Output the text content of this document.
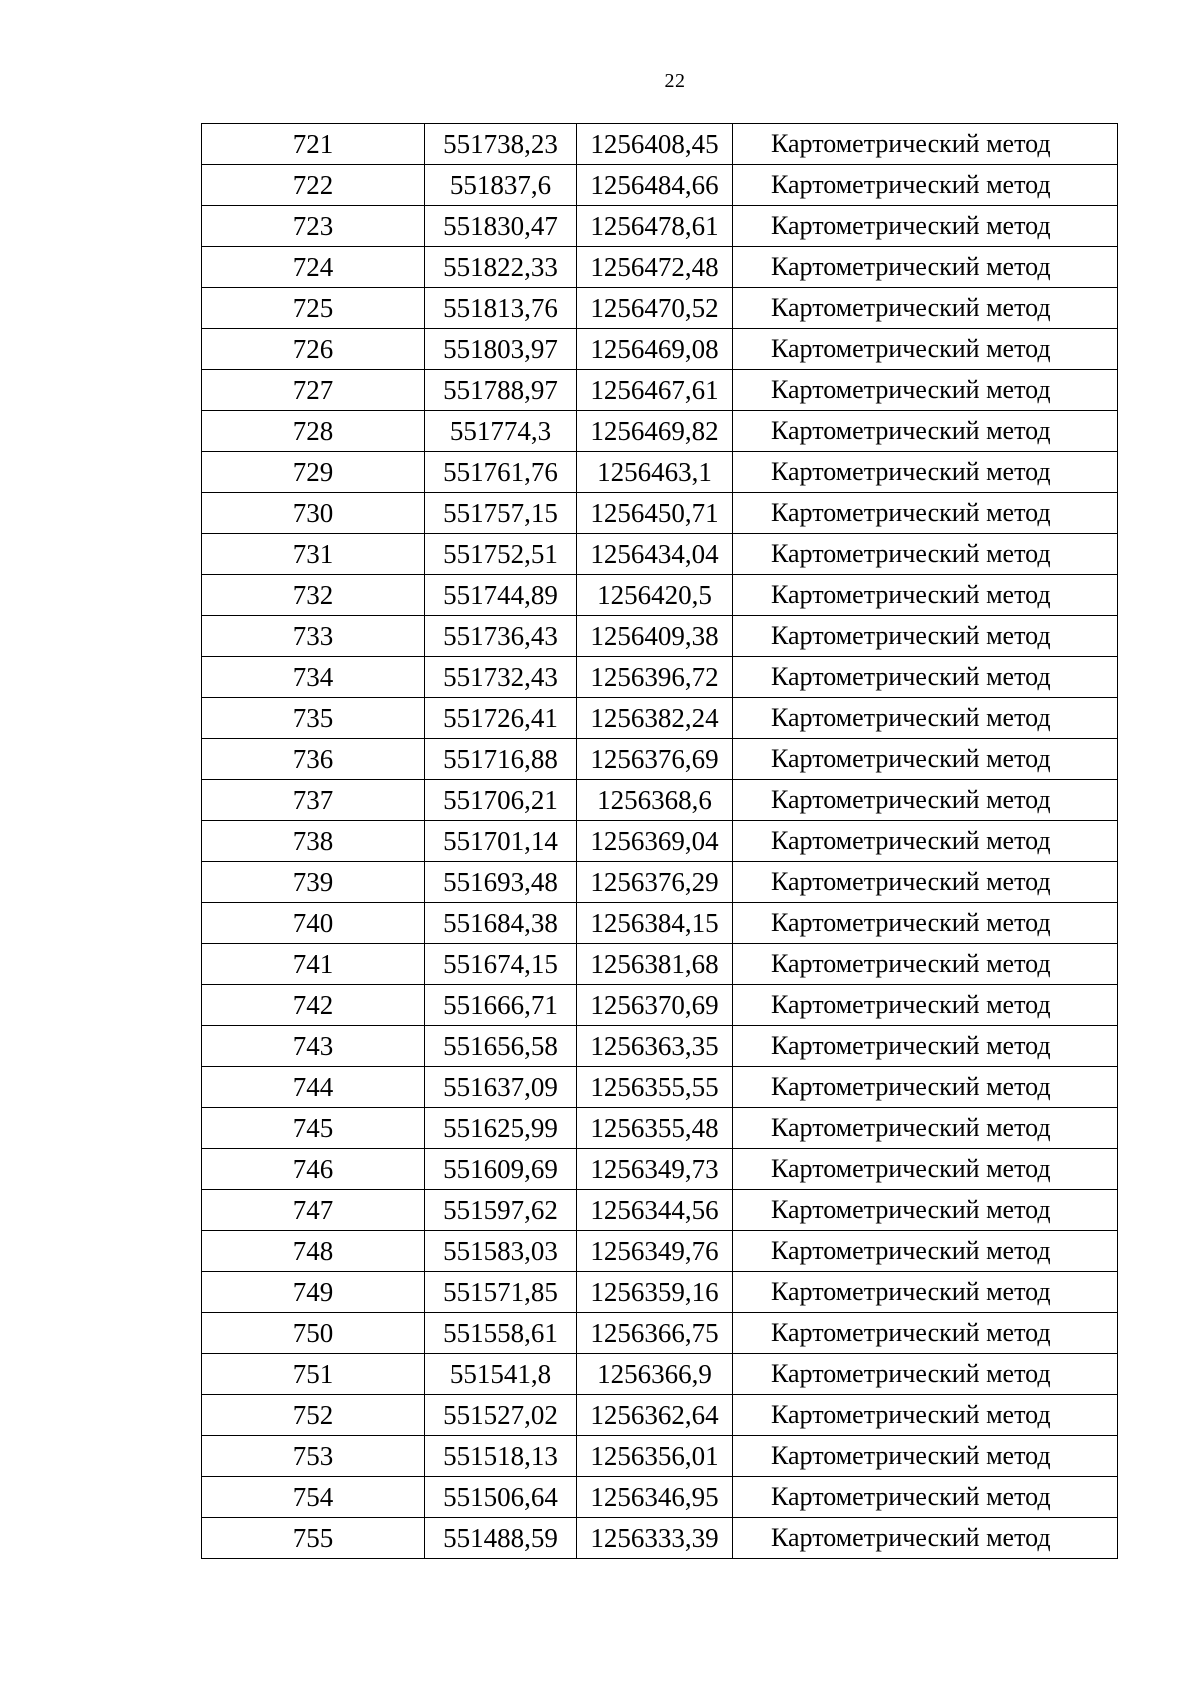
22
721	551738,23	1256408,45	Картометрический метод
722	551837,6	1256484,66	Картометрический метод
723	551830,47	1256478,61	Картометрический метод
724	551822,33	1256472,48	Картометрический метод
725	551813,76	1256470,52	Картометрический метод
726	551803,97	1256469,08	Картометрический метод
727	551788,97	1256467,61	Картометрический метод
728	551774,3	1256469,82	Картометрический метод
729	551761,76	1256463,1	Картометрический метод
730	551757,15	1256450,71	Картометрический метод
731	551752,51	1256434,04	Картометрический метод
732	551744,89	1256420,5	Картометрический метод
733	551736,43	1256409,38	Картометрический метод
734	551732,43	1256396,72	Картометрический метод
735	551726,41	1256382,24	Картометрический метод
736	551716,88	1256376,69	Картометрический метод
737	551706,21	1256368,6	Картометрический метод
738	551701,14	1256369,04	Картометрический метод
739	551693,48	1256376,29	Картометрический метод
740	551684,38	1256384,15	Картометрический метод
741	551674,15	1256381,68	Картометрический метод
742	551666,71	1256370,69	Картометрический метод
743	551656,58	1256363,35	Картометрический метод
744	551637,09	1256355,55	Картометрический метод
745	551625,99	1256355,48	Картометрический метод
746	551609,69	1256349,73	Картометрический метод
747	551597,62	1256344,56	Картометрический метод
748	551583,03	1256349,76	Картометрический метод
749	551571,85	1256359,16	Картометрический метод
750	551558,61	1256366,75	Картометрический метод
751	551541,8	1256366,9	Картометрический метод
752	551527,02	1256362,64	Картометрический метод
753	551518,13	1256356,01	Картометрический метод
754	551506,64	1256346,95	Картометрический метод
755	551488,59	1256333,39	Картометрический метод
